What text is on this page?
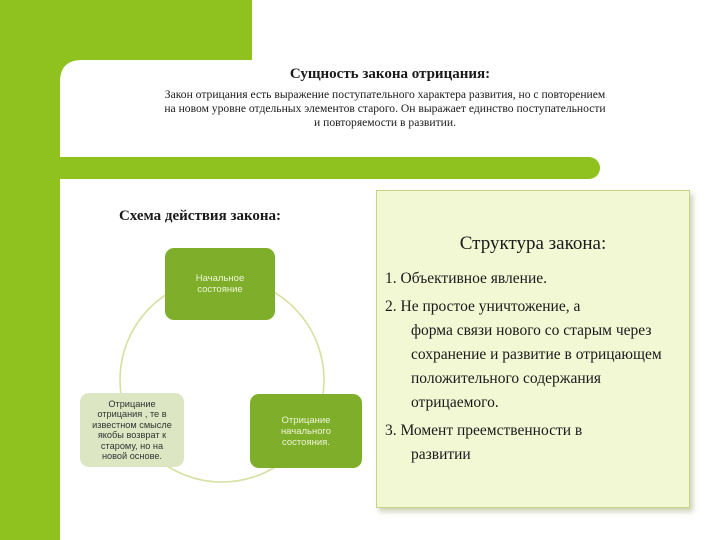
Сущность закона отрицания:
Закон отрицания есть выражение поступательного характера развития, но с повторением
на новом уровне отдельных элементов старого. Он выражает единство поступательности
и повторяемости в развитии.
Схема действия закона:
Начальное
состояние
Отрицание
начального
состояния.
Отрицание
отрицания , те в
известном смысле
якобы возврат к
старому, но на
новой основе.
Структура закона:
1. Объективное явление.
2. Не простое уничтожение, а
форма связи нового со старым через сохранение и развитие в отрицающем положительного содержания отрицаемого.
3. Момент преемственности в
развитии
